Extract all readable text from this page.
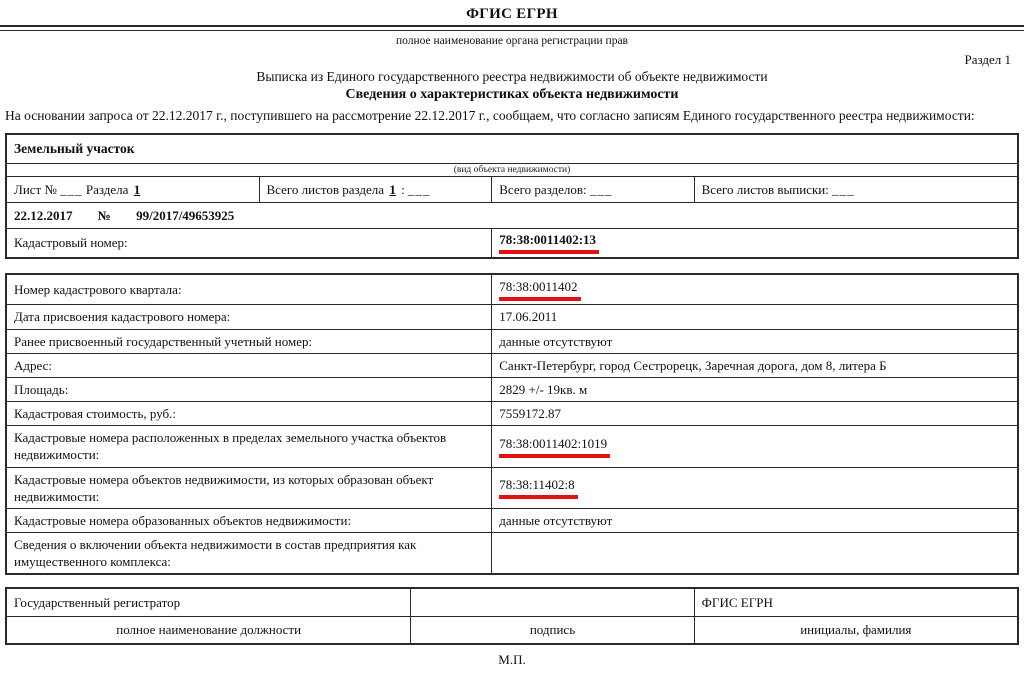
ФГИС ЕГРН
полное наименование органа регистрации прав
Раздел 1
Выписка из Единого государственного реестра недвижимости об объекте недвижимости
Сведения о характеристиках объекта недвижимости
На основании запроса от 22.12.2017 г., поступившего на рассмотрение 22.12.2017 г., сообщаем, что согласно записям Единого государственного реестра недвижимости:
Земельный участок			
(вид объекта недвижимости)			
Лист № ___ Раздела 1	Всего листов раздела 1 : ___	Всего разделов: ___	Всего листов выписки: ___
22.12.2017 № 99/2017/49653925			
Кадастровый номер:		78:38:0011402:13	
Номер кадастрового квартала:	78:38:0011402
Дата присвоения кадастрового номера:	17.06.2011
Ранее присвоенный государственный учетный номер:	данные отсутствуют
Адрес:	Санкт-Петербург, город Сестрорецк, Заречная дорога, дом 8, литера Б
Площадь:	2829 +/- 19кв. м
Кадастровая стоимость, руб.:	7559172.87
Кадастровые номера расположенных в пределах земельного участка объектов недвижимости:	78:38:0011402:1019
Кадастровые номера объектов недвижимости, из которых образован объект недвижимости:	78:38:11402:8
Кадастровые номера образованных объектов недвижимости:	данные отсутствуют
Сведения о включении объекта недвижимости в состав предприятия как имущественного комплекса:	
Государственный регистратор		ФГИС ЕГРН
полное наименование должности	подпись	инициалы, фамилия
М.П.
